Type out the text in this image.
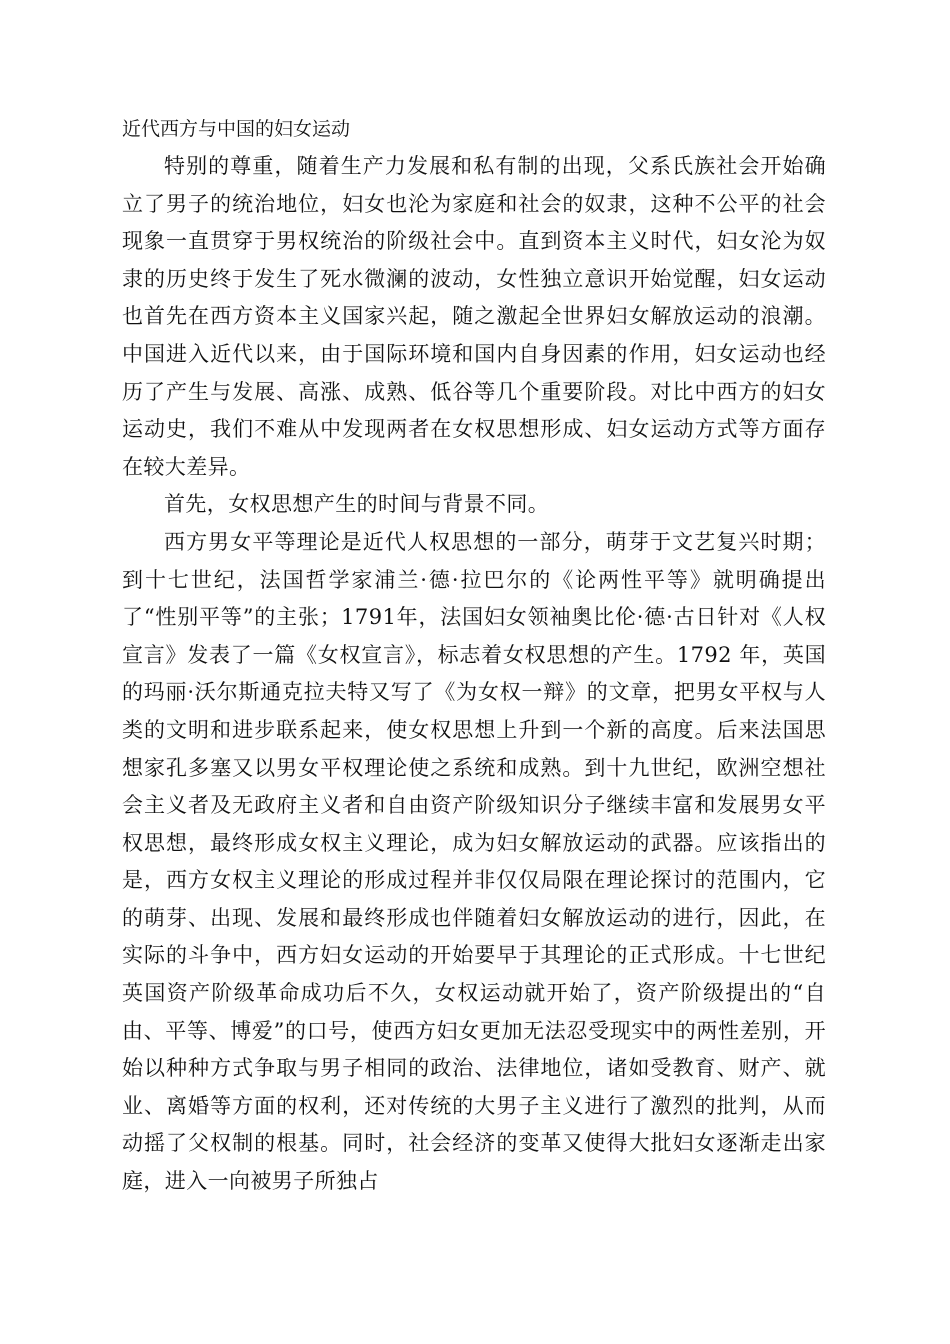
近代西方与中国的妇女运动

特别的尊重，随着生产力发展和私有制的出现，父系氏族社会开始确立了男子的统治地位，妇女也沦为家庭和社会的奴隶，这种不公平的社会现象一直贯穿于男权统治的阶级社会中。直到资本主义时代，妇女沦为奴隶的历史终于发生了死水微澜的波动，女性独立意识开始觉醒，妇女运动也首先在西方资本主义国家兴起，随之激起全世界妇女解放运动的浪潮。中国进入近代以来，由于国际环境和国内自身因素的作用，妇女运动也经历了产生与发展、高涨、成熟、低谷等几个重要阶段。对比中西方的妇女运动史，我们不难从中发现两者在女权思想形成、妇女运动方式等方面存在较大差异。

首先，女权思想产生的时间与背景不同。

西方男女平等理论是近代人权思想的一部分，萌芽于文艺复兴时期；到十七世纪，法国哲学家浦兰·德·拉巴尔的《论两性平等》就明确提出了“性别平等”的主张；1791年，法国妇女领袖奥比伦·德·古日针对《人权宣言》发表了一篇《女权宣言》，标志着女权思想的产生。1792 年，英国的玛丽·沃尔斯通克拉夫特又写了《为女权一辩》的文章，把男女平权与人类的文明和进步联系起来，使女权思想上升到一个新的高度。后来法国思想家孔多塞又以男女平权理论使之系统和成熟。到十九世纪，欧洲空想社会主义者及无政府主义者和自由资产阶级知识分子继续丰富和发展男女平权思想，最终形成女权主义理论，成为妇女解放运动的武器。应该指出的是，西方女权主义理论的形成过程并非仅仅局限在理论探讨的范围内，它的萌芽、出现、发展和最终形成也伴随着妇女解放运动的进行，因此，在实际的斗争中，西方妇女运动的开始要早于其理论的正式形成。十七世纪英国资产阶级革命成功后不久，女权运动就开始了，资产阶级提出的“自由、平等、博爱”的口号，使西方妇女更加无法忍受现实中的两性差别，开始以种种方式争取与男子相同的政治、法律地位，诸如受教育、财产、就业、离婚等方面的权利，还对传统的大男子主义进行了激烈的批判，从而动摇了父权制的根基。同时，社会经济的变革又使得大批妇女逐渐走出家庭，进入一向被男子所独占
